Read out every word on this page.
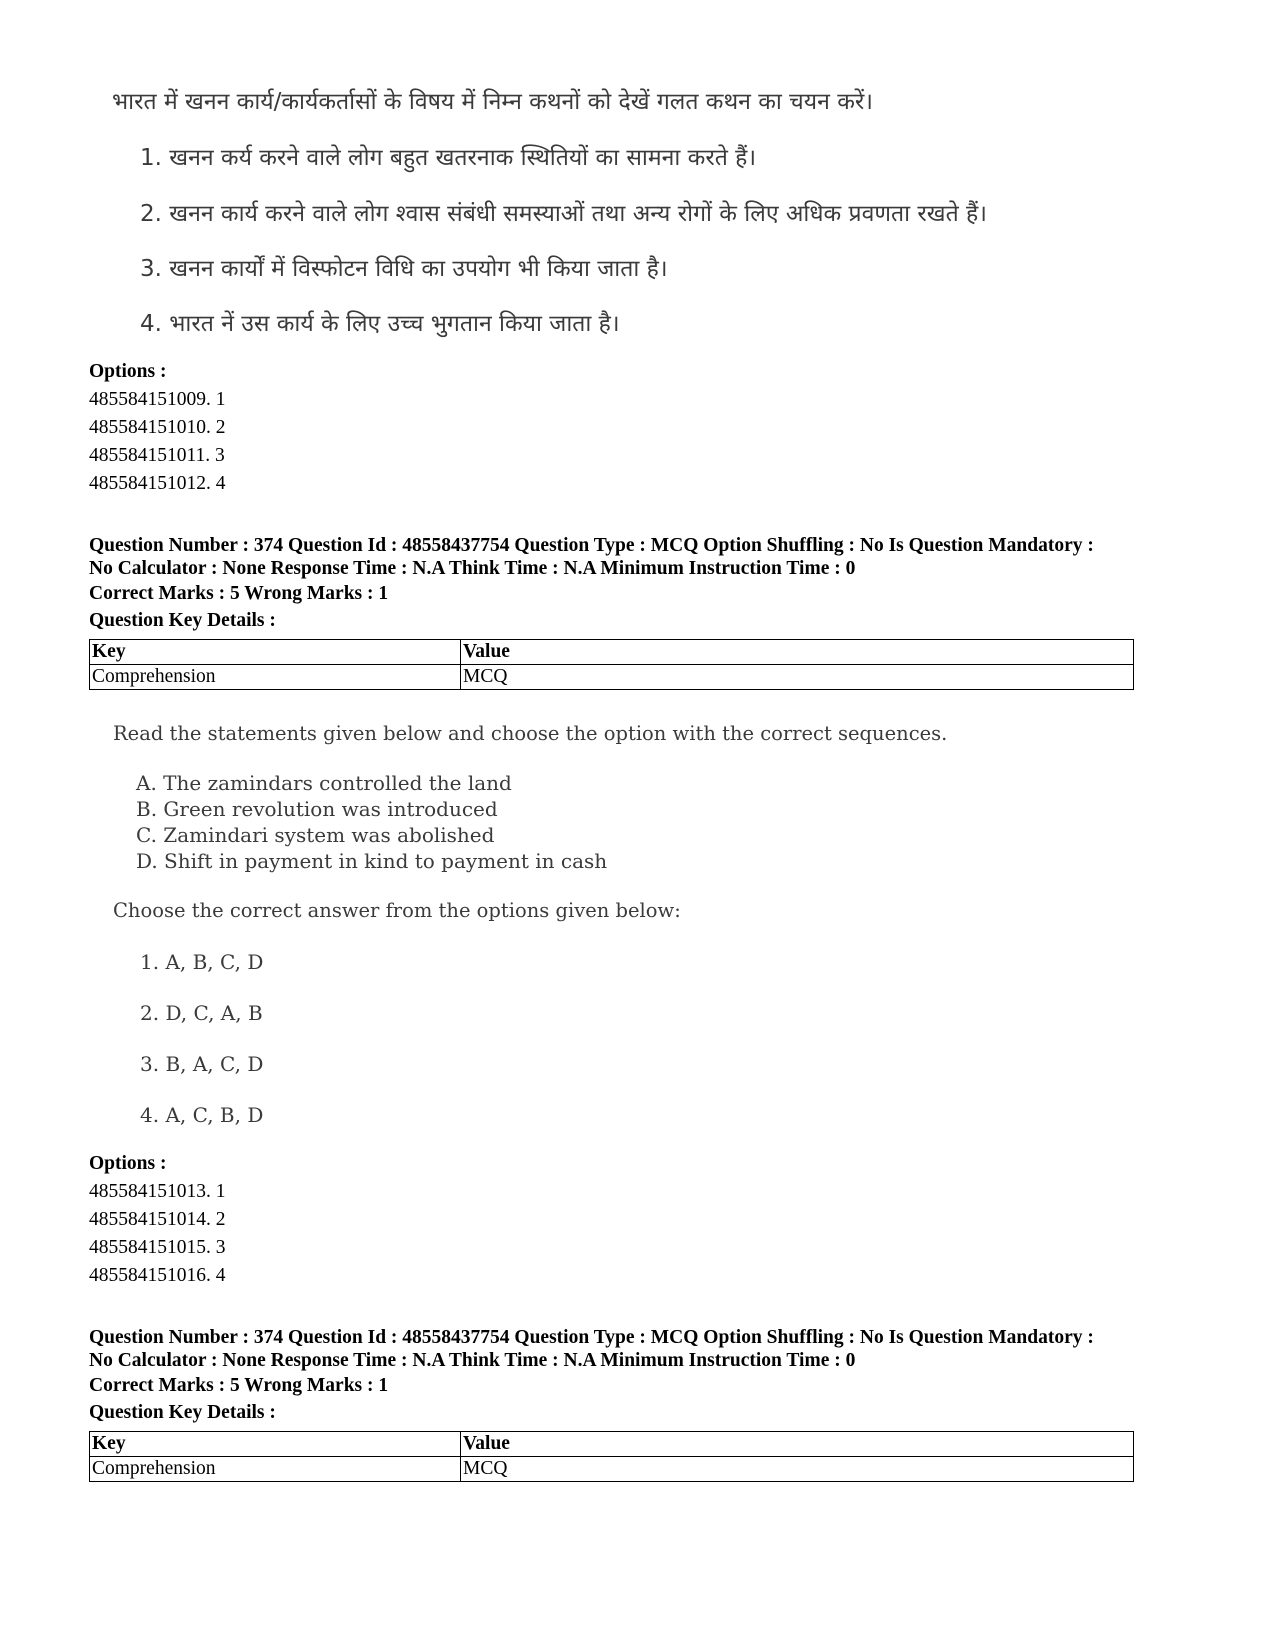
भारत में खनन कार्य/कार्यकर्तासों के विषय में निम्न कथनों को देखें गलत कथन का चयन करें।
1. खनन कर्य करने वाले लोग बहुत खतरनाक स्थितियों का सामना करते हैं।
2. खनन कार्य करने वाले लोग श्वास संबंधी समस्याओं तथा अन्य रोगों के लिए अधिक प्रवणता रखते हैं।
3. खनन कार्यों में विस्फोटन विधि का उपयोग भी किया जाता है।
4. भारत नें उस कार्य के लिए उच्च भुगतान किया जाता है।
Options :
485584151009. 1
485584151010. 2
485584151011. 3
485584151012. 4
Question Number : 374 Question Id : 48558437754 Question Type : MCQ Option Shuffling : No Is Question Mandatory :
No Calculator : None Response Time : N.A Think Time : N.A Minimum Instruction Time : 0
Correct Marks : 5 Wrong Marks : 1
Question Key Details :
Key	Value
Comprehension	MCQ
Read the statements given below and choose the option with the correct sequences.
A. The zamindars controlled the land
B. Green revolution was introduced
C. Zamindari system was abolished
D. Shift in payment in kind to payment in cash
Choose the correct answer from the options given below:
1. A, B, C, D
2. D, C, A, B
3. B, A, C, D
4. A, C, B, D
Options :
485584151013. 1
485584151014. 2
485584151015. 3
485584151016. 4
Question Number : 374 Question Id : 48558437754 Question Type : MCQ Option Shuffling : No Is Question Mandatory :
No Calculator : None Response Time : N.A Think Time : N.A Minimum Instruction Time : 0
Correct Marks : 5 Wrong Marks : 1
Question Key Details :
Key	Value
Comprehension	MCQ
